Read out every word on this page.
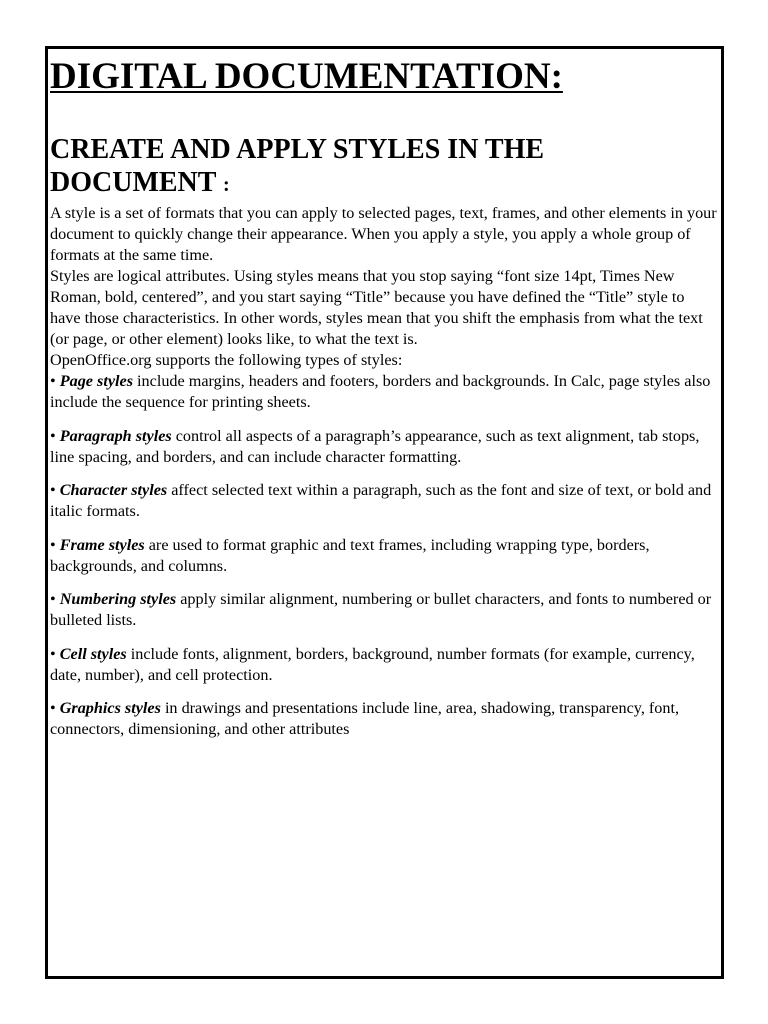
DIGITAL DOCUMENTATION:
CREATE AND APPLY STYLES IN THE DOCUMENT :

A style is a set of formats that you can apply to selected pages, text, frames, and other elements in your document to quickly change their appearance. When you apply a style, you apply a whole group of formats at the same time.

Styles are logical attributes. Using styles means that you stop saying “font size 14pt, Times New Roman, bold, centered”, and you start saying “Title” because you have defined the “Title” style to have those characteristics. In other words, styles mean that you shift the emphasis from what the text (or page, or other element) looks like, to what the text is.

OpenOffice.org supports the following types of styles:

• Page styles include margins, headers and footers, borders and backgrounds. In Calc, page styles also include the sequence for printing sheets.

• Paragraph styles control all aspects of a paragraph’s appearance, such as text alignment, tab stops, line spacing, and borders, and can include character formatting.

• Character styles affect selected text within a paragraph, such as the font and size of text, or bold and italic formats.

• Frame styles are used to format graphic and text frames, including wrapping type, borders, backgrounds, and columns.

• Numbering styles apply similar alignment, numbering or bullet characters, and fonts to numbered or bulleted lists.

• Cell styles include fonts, alignment, borders, background, number formats (for example, currency, date, number), and cell protection.

• Graphics styles in drawings and presentations include line, area, shadowing, transparency, font, connectors, dimensioning, and other attributes
